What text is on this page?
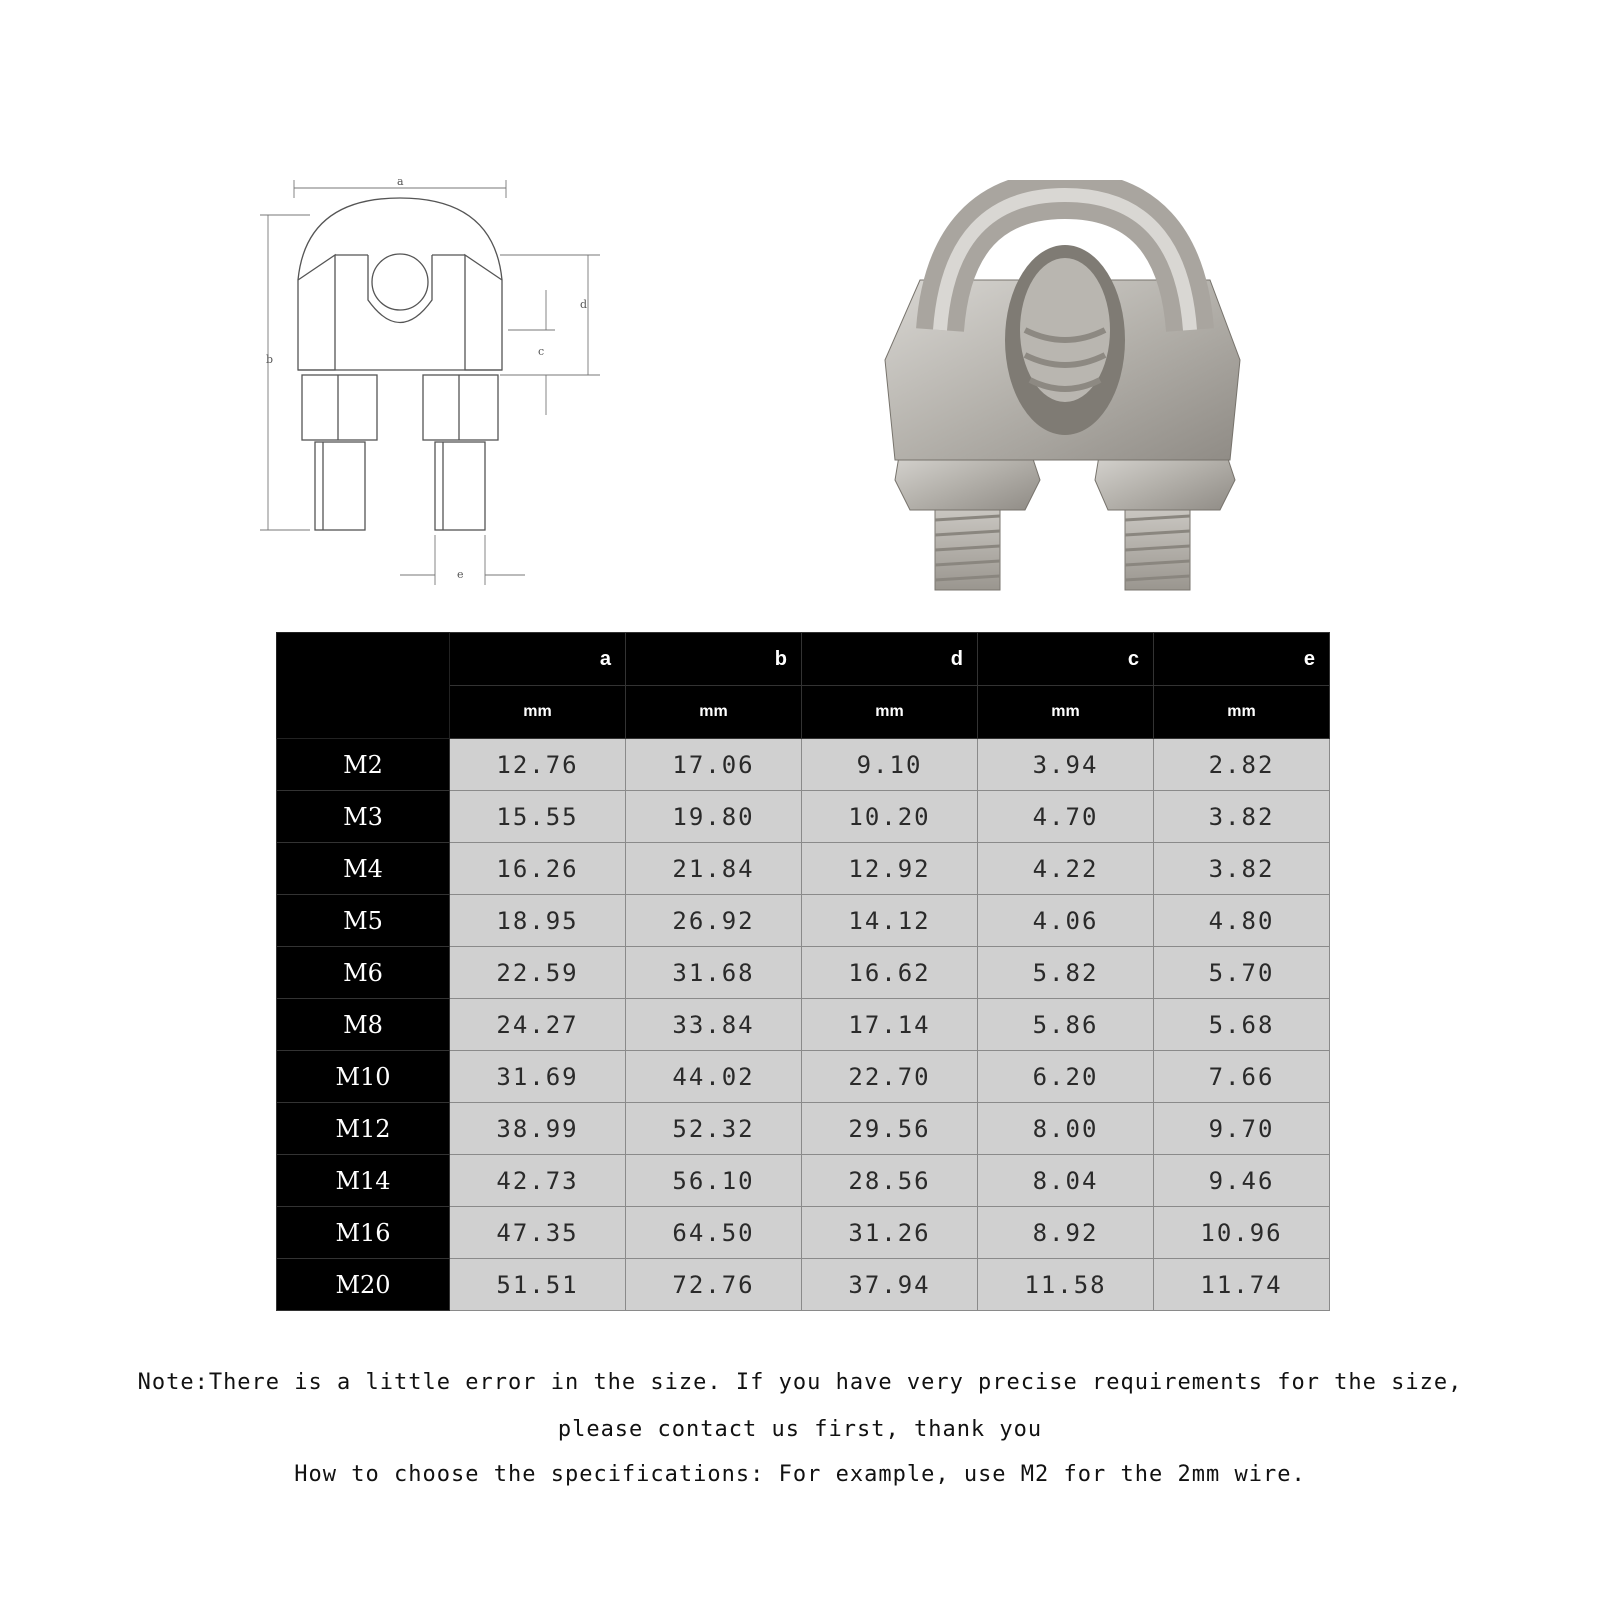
a
b
d
c
e
	a	b	d	c	e
	mm	mm	mm	mm	mm
M2	12.76	17.06	9.10	3.94	2.82
M3	15.55	19.80	10.20	4.70	3.82
M4	16.26	21.84	12.92	4.22	3.82
M5	18.95	26.92	14.12	4.06	4.80
M6	22.59	31.68	16.62	5.82	5.70
M8	24.27	33.84	17.14	5.86	5.68
M10	31.69	44.02	22.70	6.20	7.66
M12	38.99	52.32	29.56	8.00	9.70
M14	42.73	56.10	28.56	8.04	9.46
M16	47.35	64.50	31.26	8.92	10.96
M20	51.51	72.76	37.94	11.58	11.74
Note:There is a little error in the size. If you have very precise requirements for the size,
please contact us first, thank you
How to choose the specifications: For example, use M2 for the 2mm wire.
